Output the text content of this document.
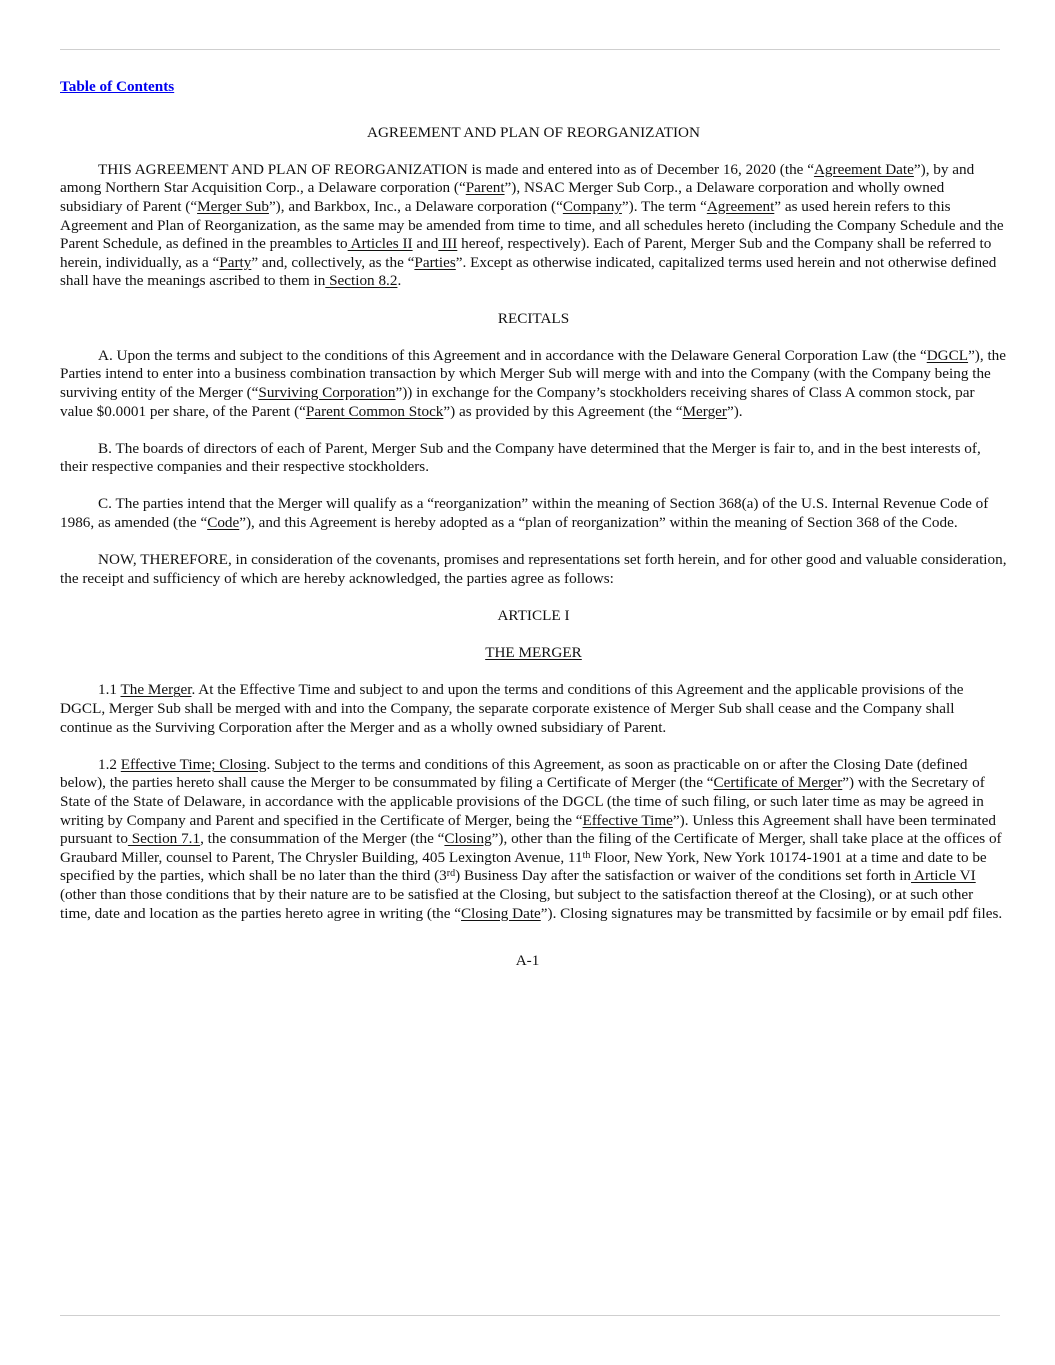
Table of Contents

AGREEMENT AND PLAN OF REORGANIZATION

THIS AGREEMENT AND PLAN OF REORGANIZATION is made and entered into as of December 16, 2020 (the “Agreement Date”), by and among Northern Star Acquisition Corp., a Delaware corporation (“Parent”), NSAC Merger Sub Corp., a Delaware corporation and wholly owned subsidiary of Parent (“Merger Sub”), and Barkbox, Inc., a Delaware corporation (“Company”). The term “Agreement” as used herein refers to this Agreement and Plan of Reorganization, as the same may be amended from time to time, and all schedules hereto (including the Company Schedule and the Parent Schedule, as defined in the preambles to Articles II and III hereof, respectively). Each of Parent, Merger Sub and the Company shall be referred to herein, individually, as a “Party” and, collectively, as the “Parties”. Except as otherwise indicated, capitalized terms used herein and not otherwise defined shall have the meanings ascribed to them in Section 8.2.

RECITALS

A. Upon the terms and subject to the conditions of this Agreement and in accordance with the Delaware General Corporation Law (the “DGCL”), the Parties intend to enter into a business combination transaction by which Merger Sub will merge with and into the Company (with the Company being the surviving entity of the Merger (“Surviving Corporation”)) in exchange for the Company’s stockholders receiving shares of Class A common stock, par value $0.0001 per share, of the Parent (“Parent Common Stock”) as provided by this Agreement (the “Merger”).

B. The boards of directors of each of Parent, Merger Sub and the Company have determined that the Merger is fair to, and in the best interests of, their respective companies and their respective stockholders.

C. The parties intend that the Merger will qualify as a “reorganization” within the meaning of Section 368(a) of the U.S. Internal Revenue Code of 1986, as amended (the “Code”), and this Agreement is hereby adopted as a “plan of reorganization” within the meaning of Section 368 of the Code.

NOW, THEREFORE, in consideration of the covenants, promises and representations set forth herein, and for other good and valuable consideration, the receipt and sufficiency of which are hereby acknowledged, the parties agree as follows:

ARTICLE I

THE MERGER

1.1 The Merger. At the Effective Time and subject to and upon the terms and conditions of this Agreement and the applicable provisions of the DGCL, Merger Sub shall be merged with and into the Company, the separate corporate existence of Merger Sub shall cease and the Company shall continue as the Surviving Corporation after the Merger and as a wholly owned subsidiary of Parent.

1.2 Effective Time; Closing. Subject to the terms and conditions of this Agreement, as soon as practicable on or after the Closing Date (defined below), the parties hereto shall cause the Merger to be consummated by filing a Certificate of Merger (the “Certificate of Merger”) with the Secretary of State of the State of Delaware, in accordance with the applicable provisions of the DGCL (the time of such filing, or such later time as may be agreed in writing by Company and Parent and specified in the Certificate of Merger, being the “Effective Time”). Unless this Agreement shall have been terminated pursuant to Section 7.1, the consummation of the Merger (the “Closing”), other than the filing of the Certificate of Merger, shall take place at the offices of Graubard Miller, counsel to Parent, The Chrysler Building, 405 Lexington Avenue, 11th Floor, New York, New York 10174-1901 at a time and date to be specified by the parties, which shall be no later than the third (3rd) Business Day after the satisfaction or waiver of the conditions set forth in Article VI (other than those conditions that by their nature are to be satisfied at the Closing, but subject to the satisfaction thereof at the Closing), or at such other time, date and location as the parties hereto agree in writing (the “Closing Date”). Closing signatures may be transmitted by facsimile or by email pdf files.

A-1
